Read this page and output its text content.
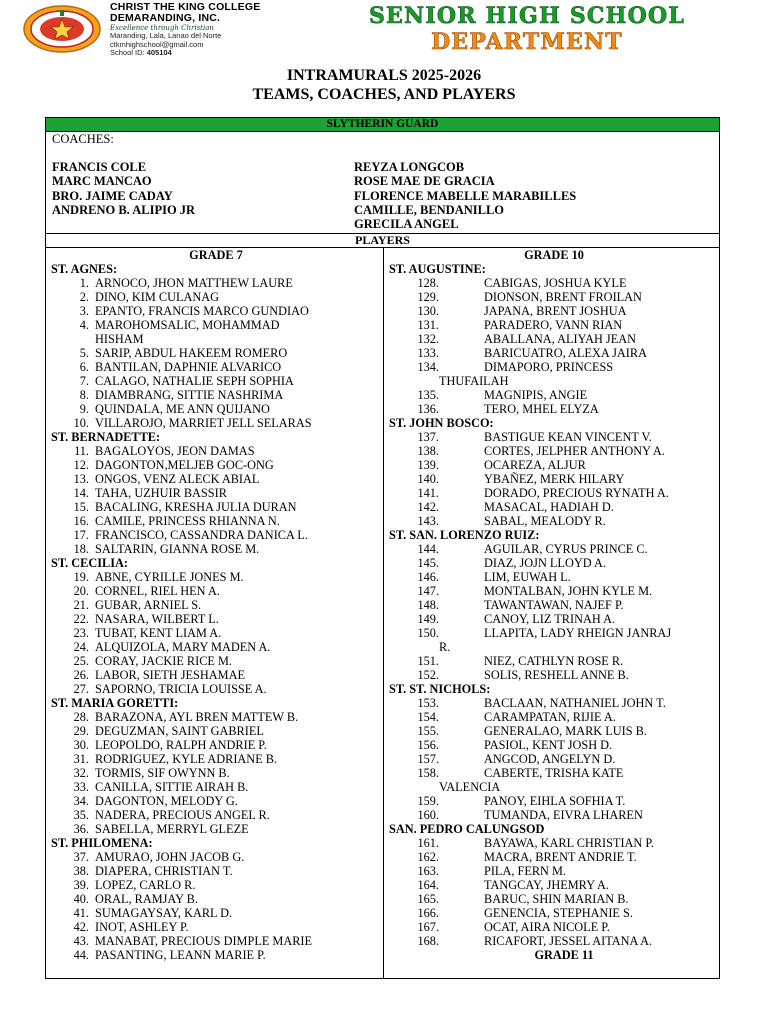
CHRIST THE KING COLLEGE
DEMARANDING, INC.
Excellence through Christian
Maranding, Lala, Lanao del Norte
ctkmhighschool@gmail.com
School ID: 405104
SENIOR HIGH SCHOOL
DEPARTMENT
INTRAMURALS 2025-2026
TEAMS, COACHES, AND PLAYERS
SLYTHERIN GUARD
COACHES:
FRANCIS COLE
MARC MANCAO
BRO. JAIME CADAY
ANDRENO B. ALIPIO JR
REYZA LONGCOB
ROSE MAE DE GRACIA
FLORENCE MABELLE MARABILLES
CAMILLE, BENDANILLO
GRECILA ANGEL
PLAYERS
GRADE 7
ST. AGNES:
1. ARNOCO, JHON MATTHEW LAURE
2. DINO, KIM CULANAG
3. EPANTO, FRANCIS MARCO GUNDIAO
4. MAROHOMSALIC, MOHAMMAD
HISHAM
5. SARIP, ABDUL HAKEEM ROMERO
6. BANTILAN, DAPHNIE ALVARICO
7. CALAGO, NATHALIE SEPH SOPHIA
8. DIAMBRANG, SITTIE NASHRIMA
9. QUINDALA, ME ANN QUIJANO
10. VILLAROJO, MARRIET JELL SELARAS
ST. BERNADETTE:
11. BAGALOYOS, JEON DAMAS
12. DAGONTON,MELJEB GOC-ONG
13. ONGOS, VENZ ALECK ABIAL
14. TAHA, UZHUIR BASSIR
15. BACALING, KRESHA JULIA DURAN
16. CAMILE, PRINCESS RHIANNA N.
17. FRANCISCO, CASSANDRA DANICA L.
18. SALTARIN, GIANNA ROSE M.
ST. CECILIA:
19. ABNE, CYRILLE JONES M.
20. CORNEL, RIEL HEN A.
21. GUBAR, ARNIEL S.
22. NASARA, WILBERT L.
23. TUBAT, KENT LIAM A.
24. ALQUIZOLA, MARY MADEN A.
25. CORAY, JACKIE RICE M.
26. LABOR, SIETH JESHAMAE
27. SAPORNO, TRICIA LOUISSE A.
ST. MARIA GORETTI:
28. BARAZONA, AYL BREN MATTEW B.
29. DEGUZMAN, SAINT GABRIEL
30. LEOPOLDO, RALPH ANDRIE P.
31. RODRIGUEZ, KYLE ADRIANE B.
32. TORMIS, SIF OWYNN B.
33. CANILLA, SITTIE AIRAH B.
34. DAGONTON, MELODY G.
35. NADERA, PRECIOUS ANGEL R.
36. SABELLA, MERRYL GLEZE
ST. PHILOMENA:
37. AMURAO, JOHN JACOB G.
38. DIAPERA, CHRISTIAN T.
39. LOPEZ, CARLO R.
40. ORAL, RAMJAY B.
41. SUMAGAYSAY, KARL D.
42. INOT, ASHLEY P.
43. MANABAT, PRECIOUS DIMPLE MARIE
44. PASANTING, LEANN MARIE P.
GRADE 10
ST. AUGUSTINE:
128.	CABIGAS, JOSHUA KYLE
129.	DIONSON, BRENT FROILAN
130.	JAPANA, BRENT JOSHUA
131.	PARADERO, VANN RIAN
132.	ABALLANA, ALIYAH JEAN
133.	BARICUATRO, ALEXA JAIRA
134.	DIMAPORO, PRINCESS
THUFAILAH
135.	MAGNIPIS, ANGIE
136.	TERO, MHEL ELYZA
ST. JOHN BOSCO:
137.	BASTIGUE KEAN VINCENT V.
138.	CORTES, JELPHER ANTHONY A.
139.	OCAREZA, ALJUR
140.	YBAÑEZ, MERK HILARY
141.	DORADO, PRECIOUS RYNATH A.
142.	MASACAL, HADIAH D.
143.	SABAL, MEALODY R.
ST. SAN. LORENZO RUIZ:
144.	AGUILAR, CYRUS PRINCE C.
145.	DIAZ, JOJN LLOYD A.
146.	LIM, EUWAH L.
147.	MONTALBAN, JOHN KYLE M.
148.	TAWANTAWAN, NAJEF P.
149.	CANOY, LIZ TRINAH A.
150.	LLAPITA, LADY RHEIGN JANRAJ
R.
151.	NIEZ, CATHLYN ROSE R.
152.	SOLIS, RESHELL ANNE B.
ST. ST. NICHOLS:
153.	BACLAAN, NATHANIEL JOHN T.
154.	CARAMPATAN, RIJIE A.
155.	GENERALAO, MARK LUIS B.
156.	PASIOL, KENT JOSH D.
157.	ANGCOD, ANGELYN D.
158.	CABERTE, TRISHA KATE
VALENCIA
159.	PANOY, EIHLA SOFHIA T.
160.	TUMANDA, EIVRA LHAREN
SAN. PEDRO CALUNGSOD
161.	BAYAWA, KARL CHRISTIAN P.
162.	MACRA, BRENT ANDRIE T.
163.	PILA, FERN M.
164.	TANGCAY, JHEMRY A.
165.	BARUC, SHIN MARIAN B.
166.	GENENCIA, STEPHANIE S.
167.	OCAT, AIRA NICOLE P.
168.	RICAFORT, JESSEL AITANA A.
GRADE 11
